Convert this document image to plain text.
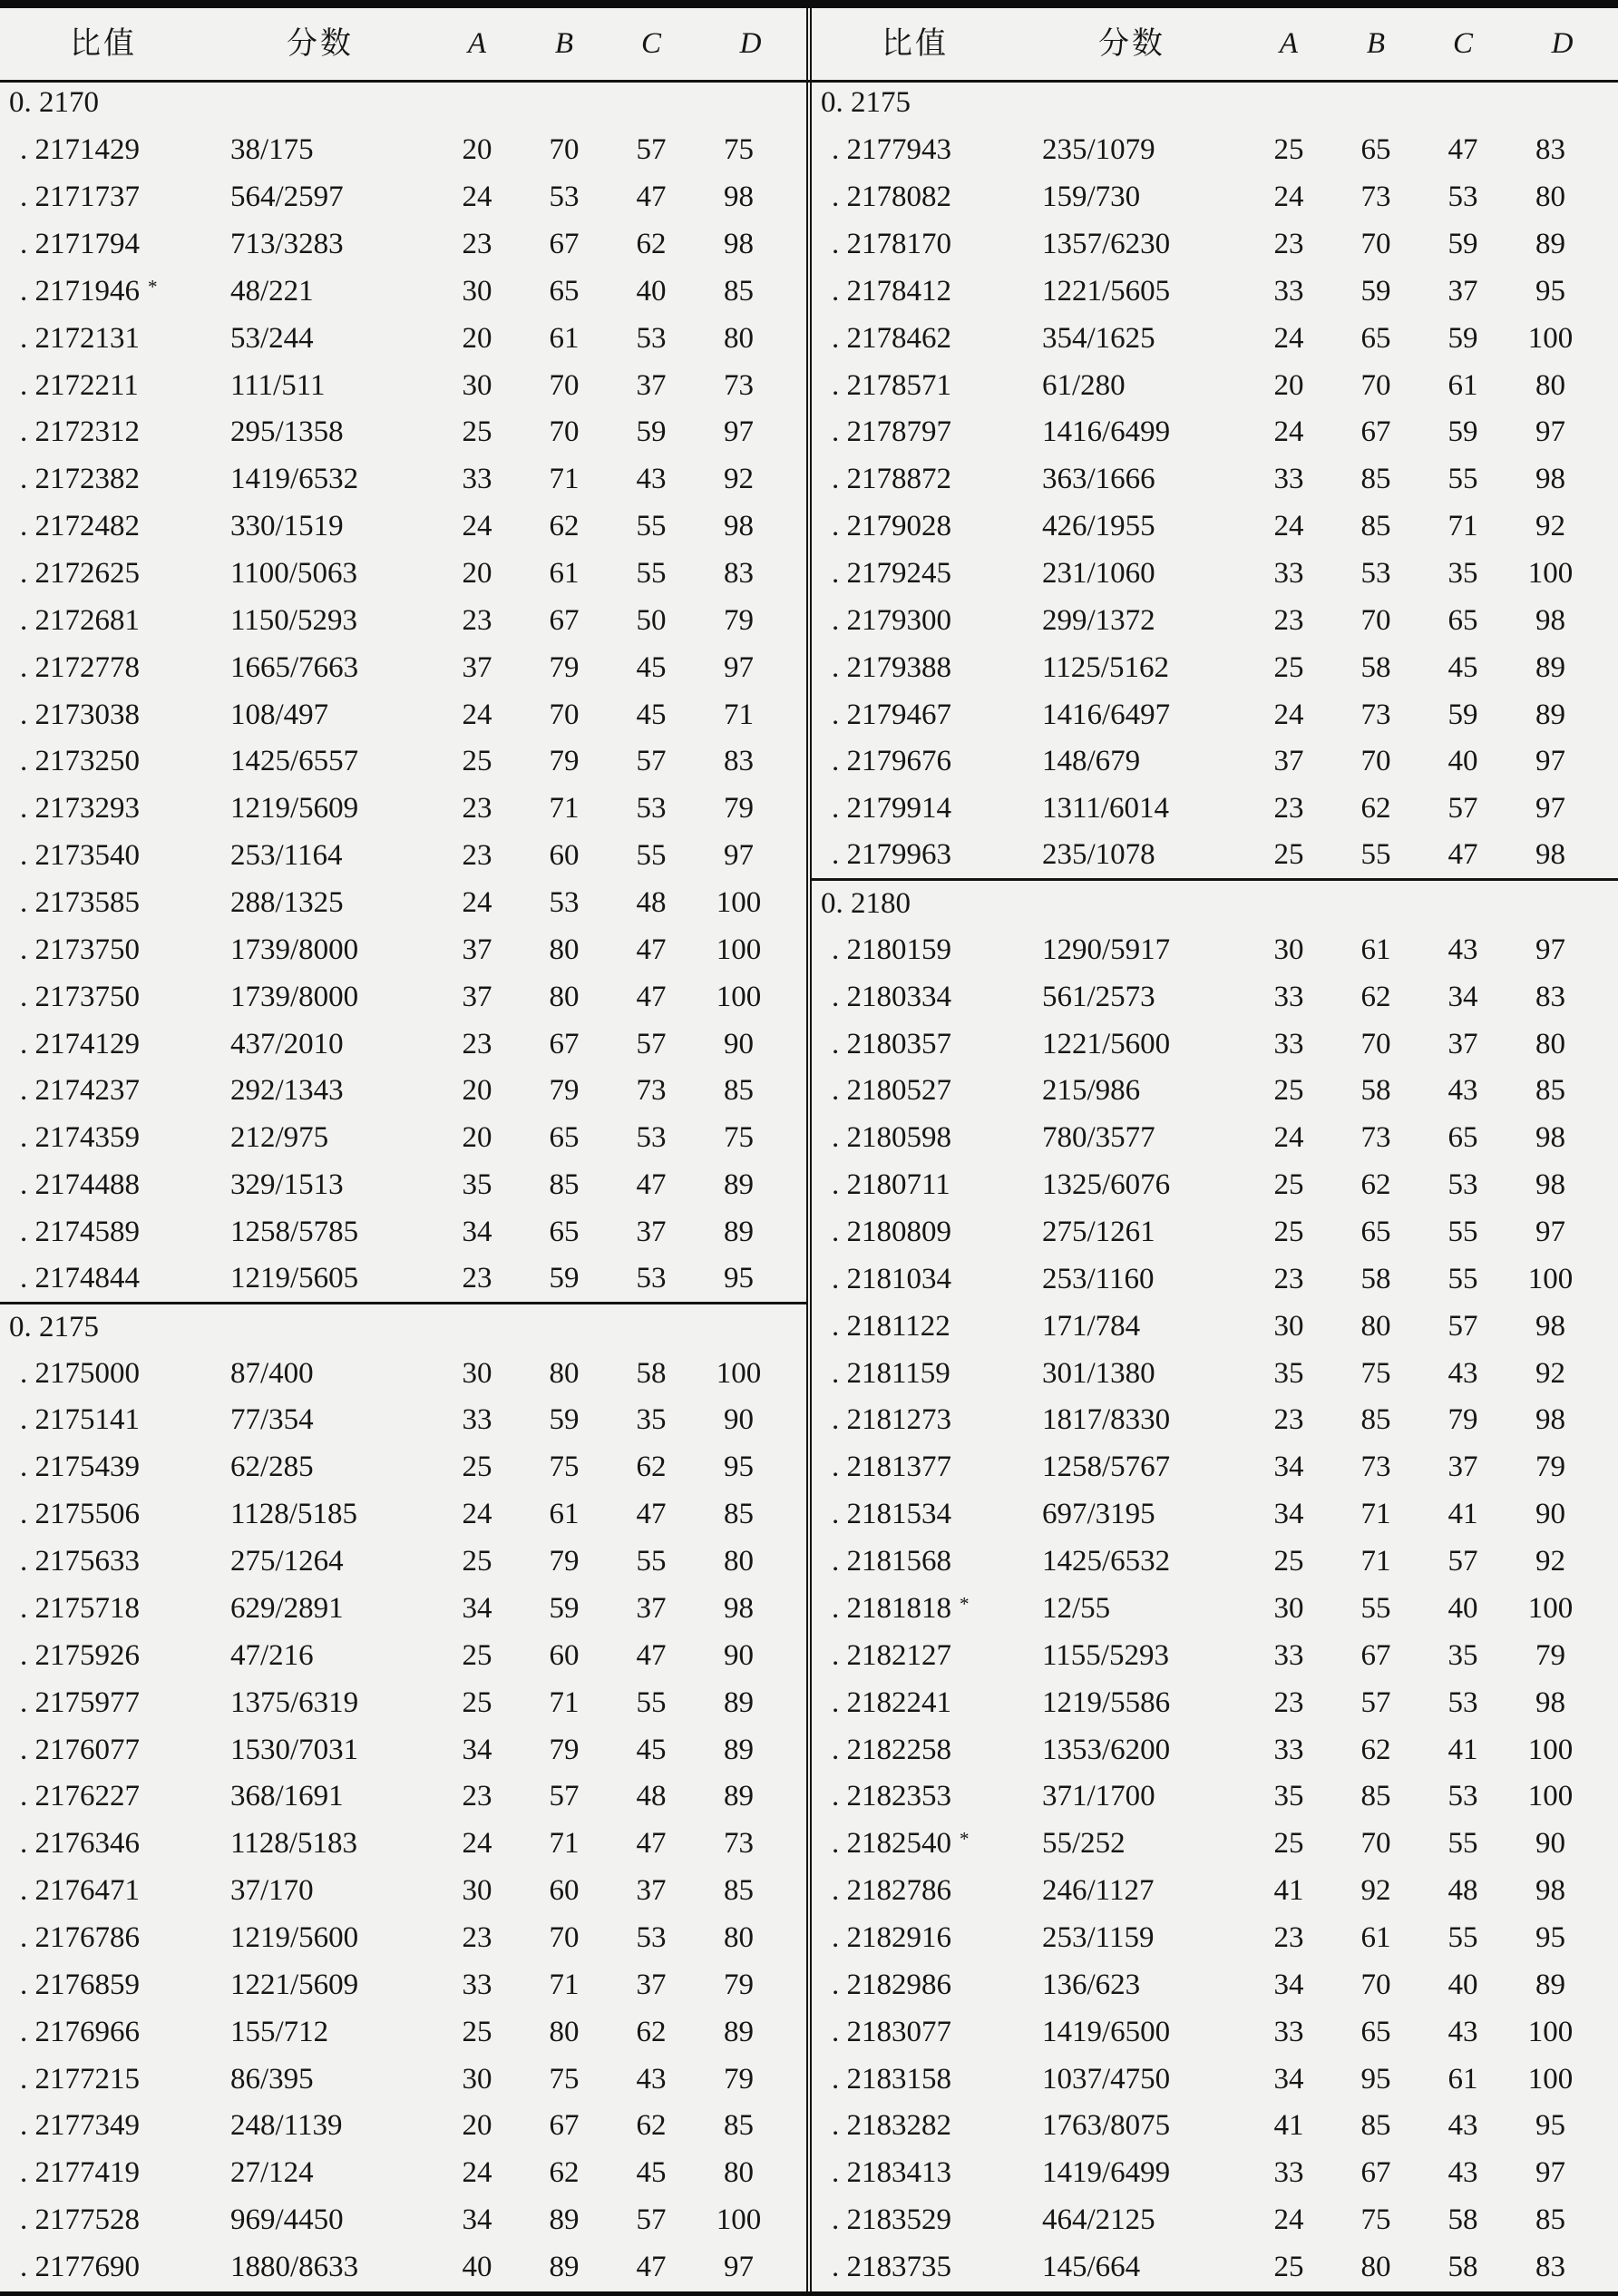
比值	分数	A	B	C	D
0. 2170					
. 2171429	38/175	20	70	57	75
. 2171737	564/2597	24	53	47	98
. 2171794	713/3283	23	67	62	98
. 2171946 *	48/221	30	65	40	85
. 2172131	53/244	20	61	53	80
. 2172211	111/511	30	70	37	73
. 2172312	295/1358	25	70	59	97
. 2172382	1419/6532	33	71	43	92
. 2172482	330/1519	24	62	55	98
. 2172625	1100/5063	20	61	55	83
. 2172681	1150/5293	23	67	50	79
. 2172778	1665/7663	37	79	45	97
. 2173038	108/497	24	70	45	71
. 2173250	1425/6557	25	79	57	83
. 2173293	1219/5609	23	71	53	79
. 2173540	253/1164	23	60	55	97
. 2173585	288/1325	24	53	48	100
. 2173750	1739/8000	37	80	47	100
. 2173750	1739/8000	37	80	47	100
. 2174129	437/2010	23	67	57	90
. 2174237	292/1343	20	79	73	85
. 2174359	212/975	20	65	53	75
. 2174488	329/1513	35	85	47	89
. 2174589	1258/5785	34	65	37	89
. 2174844	1219/5605	23	59	53	95
0. 2175					
. 2175000	87/400	30	80	58	100
. 2175141	77/354	33	59	35	90
. 2175439	62/285	25	75	62	95
. 2175506	1128/5185	24	61	47	85
. 2175633	275/1264	25	79	55	80
. 2175718	629/2891	34	59	37	98
. 2175926	47/216	25	60	47	90
. 2175977	1375/6319	25	71	55	89
. 2176077	1530/7031	34	79	45	89
. 2176227	368/1691	23	57	48	89
. 2176346	1128/5183	24	71	47	73
. 2176471	37/170	30	60	37	85
. 2176786	1219/5600	23	70	53	80
. 2176859	1221/5609	33	71	37	79
. 2176966	155/712	25	80	62	89
. 2177215	86/395	30	75	43	79
. 2177349	248/1139	20	67	62	85
. 2177419	27/124	24	62	45	80
. 2177528	969/4450	34	89	57	100
. 2177690	1880/8633	40	89	47	97
比值	分数	A	B	C	D
0. 2175					
. 2177943	235/1079	25	65	47	83
. 2178082	159/730	24	73	53	80
. 2178170	1357/6230	23	70	59	89
. 2178412	1221/5605	33	59	37	95
. 2178462	354/1625	24	65	59	100
. 2178571	61/280	20	70	61	80
. 2178797	1416/6499	24	67	59	97
. 2178872	363/1666	33	85	55	98
. 2179028	426/1955	24	85	71	92
. 2179245	231/1060	33	53	35	100
. 2179300	299/1372	23	70	65	98
. 2179388	1125/5162	25	58	45	89
. 2179467	1416/6497	24	73	59	89
. 2179676	148/679	37	70	40	97
. 2179914	1311/6014	23	62	57	97
. 2179963	235/1078	25	55	47	98
0. 2180					
. 2180159	1290/5917	30	61	43	97
. 2180334	561/2573	33	62	34	83
. 2180357	1221/5600	33	70	37	80
. 2180527	215/986	25	58	43	85
. 2180598	780/3577	24	73	65	98
. 2180711	1325/6076	25	62	53	98
. 2180809	275/1261	25	65	55	97
. 2181034	253/1160	23	58	55	100
. 2181122	171/784	30	80	57	98
. 2181159	301/1380	35	75	43	92
. 2181273	1817/8330	23	85	79	98
. 2181377	1258/5767	34	73	37	79
. 2181534	697/3195	34	71	41	90
. 2181568	1425/6532	25	71	57	92
. 2181818 *	12/55	30	55	40	100
. 2182127	1155/5293	33	67	35	79
. 2182241	1219/5586	23	57	53	98
. 2182258	1353/6200	33	62	41	100
. 2182353	371/1700	35	85	53	100
. 2182540 *	55/252	25	70	55	90
. 2182786	246/1127	41	92	48	98
. 2182916	253/1159	23	61	55	95
. 2182986	136/623	34	70	40	89
. 2183077	1419/6500	33	65	43	100
. 2183158	1037/4750	34	95	61	100
. 2183282	1763/8075	41	85	43	95
. 2183413	1419/6499	33	67	43	97
. 2183529	464/2125	24	75	58	85
. 2183735	145/664	25	80	58	83
